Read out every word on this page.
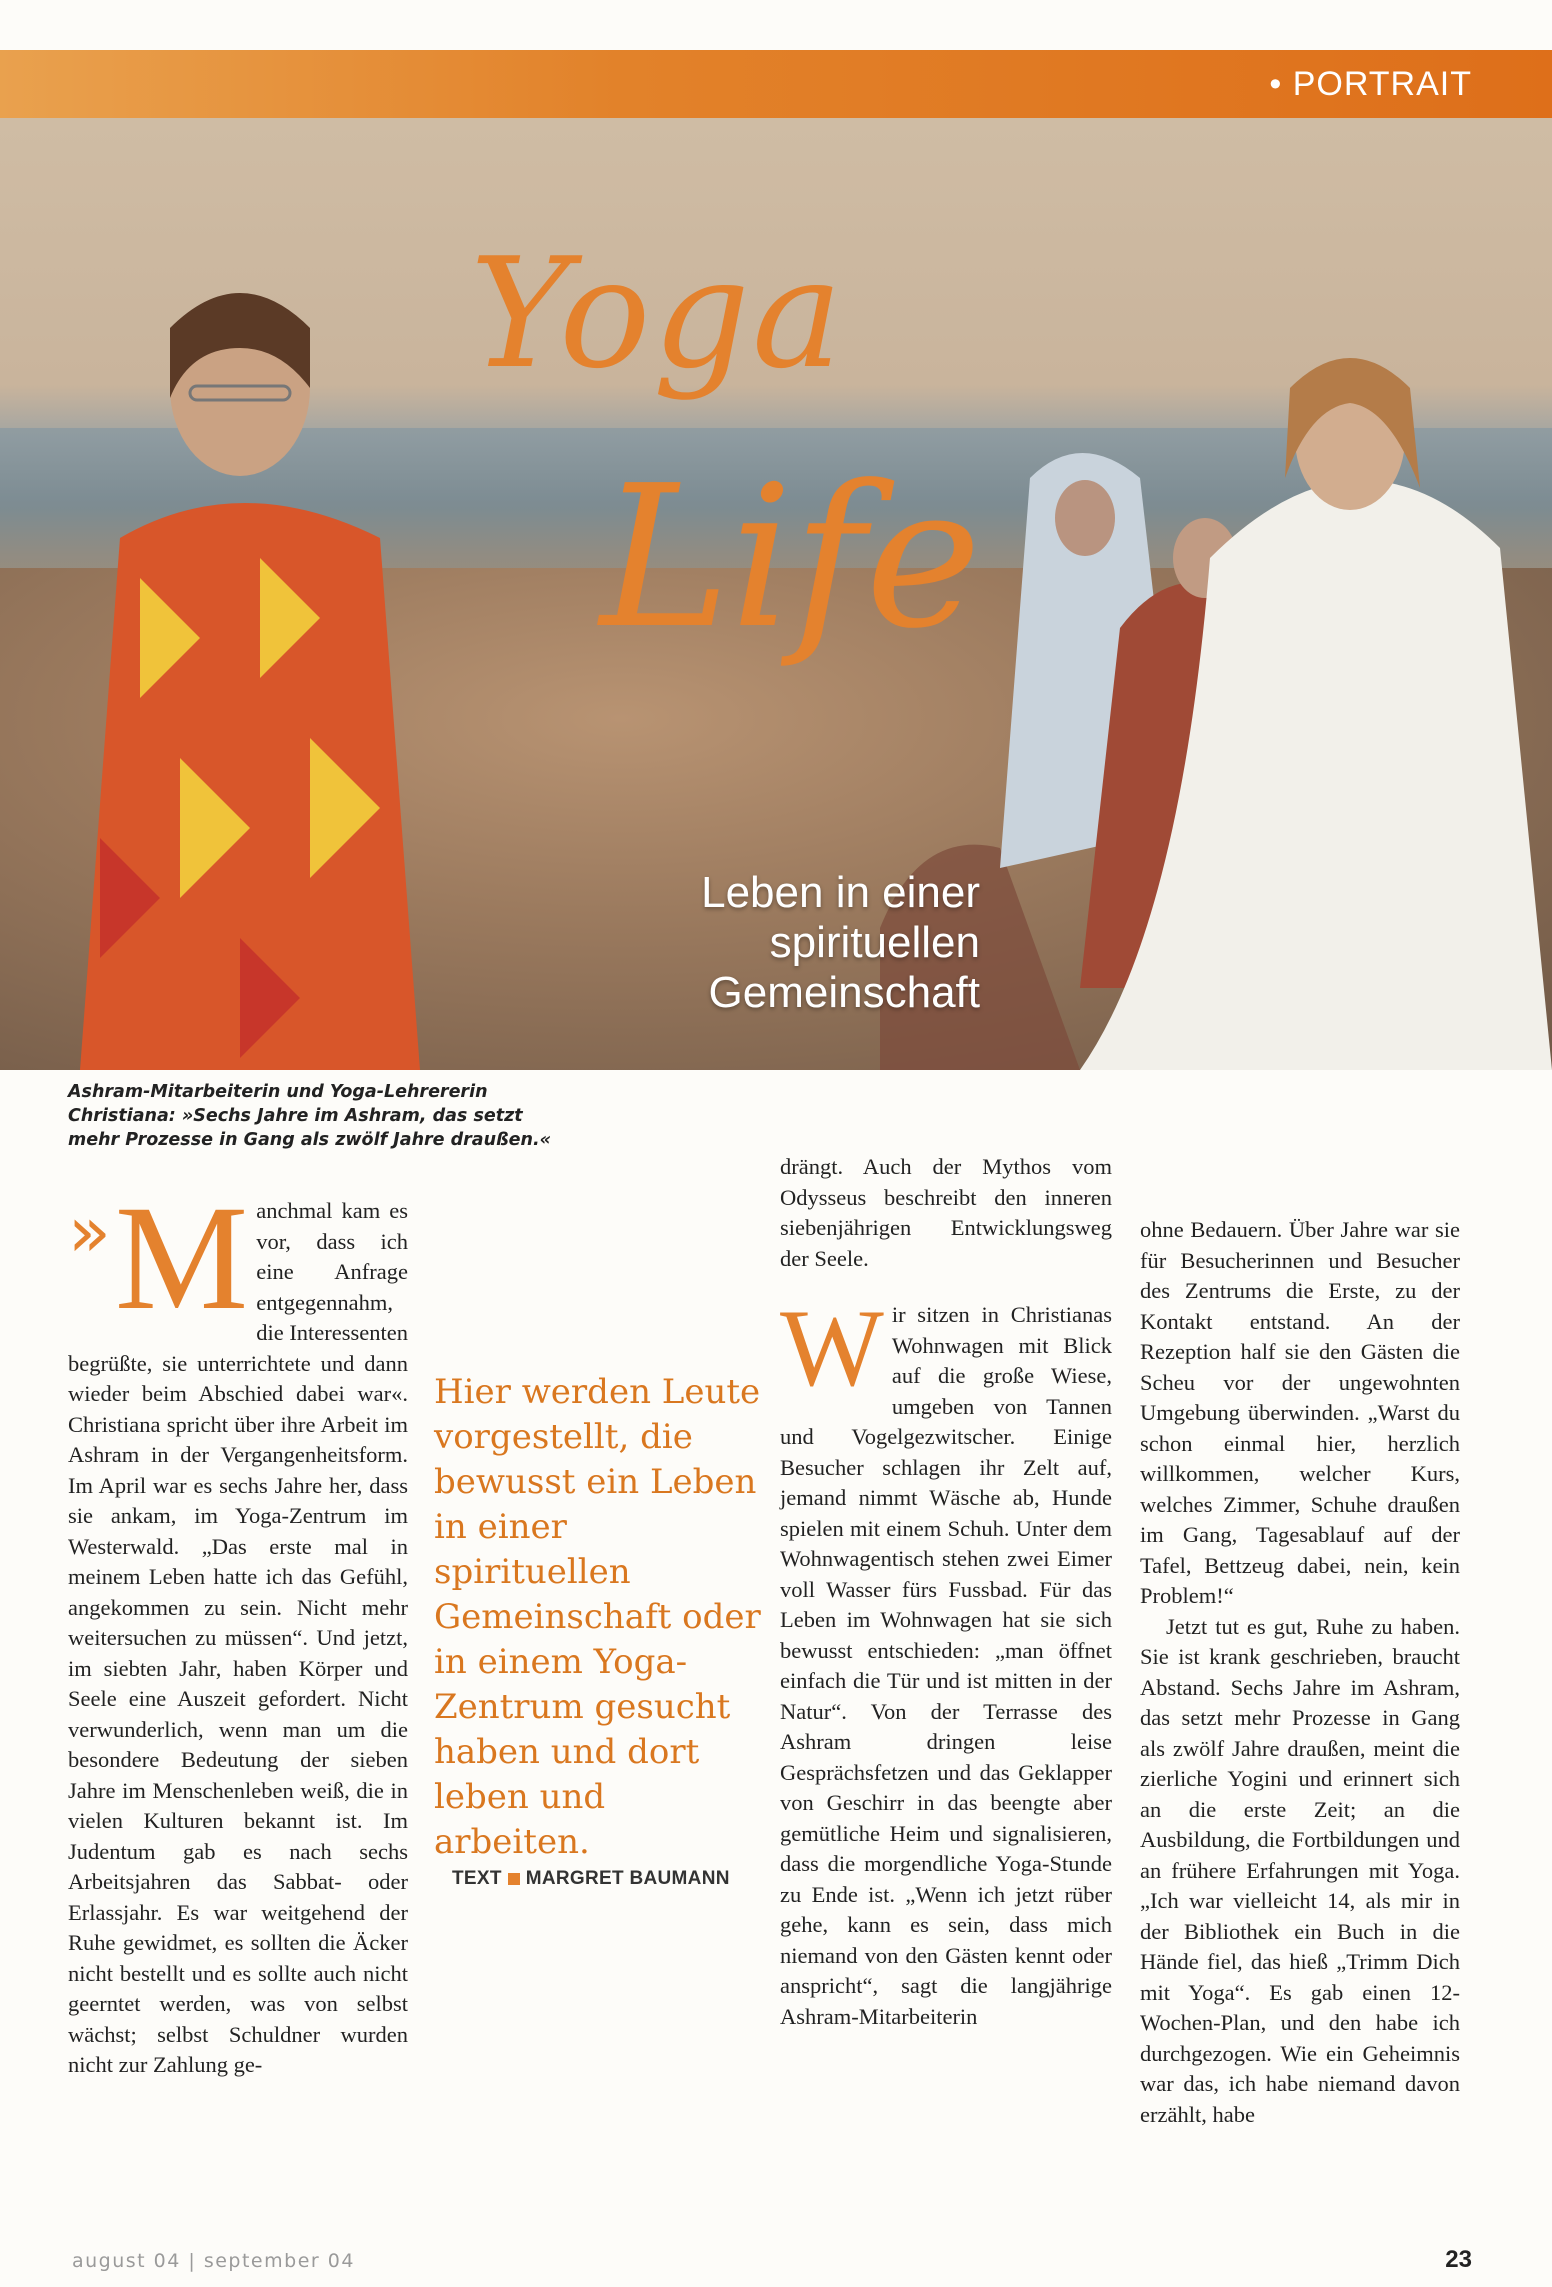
• PORTRAIT
Yoga
Life
Leben in einer
spirituellen
Gemeinschaft
Ashram-Mitarbeiterin und Yoga-Lehrererin Christiana: »Sechs Jahre im Ashram, das setzt mehr Prozesse in Gang als zwölf Jahre draußen.«
» M anchmal kam es vor, dass ich eine Anfrage entgegennahm, die Interessenten begrüßte, sie unterrichtete und dann wieder beim Abschied dabei war«. Christiana spricht über ihre Arbeit im Ashram in der Vergangenheitsform. Im April war es sechs Jahre her, dass sie ankam, im Yoga-Zentrum im Westerwald. „Das erste mal in meinem Leben hatte ich das Gefühl, angekommen zu sein. Nicht mehr weitersuchen zu müssen“. Und jetzt, im siebten Jahr, haben Körper und Seele eine Auszeit gefordert. Nicht verwunderlich, wenn man um die besondere Bedeutung der sieben Jahre im Menschenleben weiß, die in vielen Kulturen bekannt ist. Im Judentum gab es nach sechs Arbeitsjahren das Sabbat- oder Erlassjahr. Es war weitgehend der Ruhe gewidmet, es sollten die Äcker nicht bestellt und es sollte auch nicht geerntet werden, was von selbst wächst; selbst Schuldner wurden nicht zur Zahlung ge-

Hier werden Leute vorgestellt, die bewusst ein Leben in einer spirituellen Gemeinschaft oder in einem Yoga-Zentrum gesucht haben und dort leben und arbeiten.
TEXT MARGRET BAUMANN

drängt. Auch der Mythos vom Odysseus beschreibt den inneren siebenjährigen Entwicklungsweg der Seele.

W ir sitzen in Christianas Wohnwagen mit Blick auf die große Wiese, umgeben von Tannen und Vogelgezwitscher. Einige Besucher schlagen ihr Zelt auf, jemand nimmt Wäsche ab, Hunde spielen mit einem Schuh. Unter dem Wohnwagentisch stehen zwei Eimer voll Wasser fürs Fussbad. Für das Leben im Wohnwagen hat sie sich bewusst entschieden: „man öffnet einfach die Tür und ist mitten in der Natur“. Von der Terrasse des Ashram dringen leise Gesprächsfetzen und das Geklapper von Geschirr in das beengte aber gemütliche Heim und signalisieren, dass die morgendliche Yoga-Stunde zu Ende ist. „Wenn ich jetzt rüber gehe, kann es sein, dass mich niemand von den Gästen kennt oder anspricht“, sagt die langjährige Ashram-Mitarbeiterin

ohne Bedauern. Über Jahre war sie für Besucherinnen und Besucher des Zentrums die Erste, zu der Kontakt entstand. An der Rezeption half sie den Gästen die Scheu vor der ungewohnten Umgebung überwinden. „Warst du schon einmal hier, herzlich willkommen, welcher Kurs, welches Zimmer, Schuhe draußen im Gang, Tagesablauf auf der Tafel, Bettzeug dabei, nein, kein Problem!“

Jetzt tut es gut, Ruhe zu haben. Sie ist krank geschrieben, braucht Abstand. Sechs Jahre im Ashram, das setzt mehr Prozesse in Gang als zwölf Jahre draußen, meint die zierliche Yogini und erinnert sich an die erste Zeit; an die Ausbildung, die Fortbildungen und an frühere Erfahrungen mit Yoga. „Ich war vielleicht 14, als mir in der Bibliothek ein Buch in die Hände fiel, das hieß „Trimm Dich mit Yoga“. Es gab einen 12-Wochen-Plan, und den habe ich durchgezogen. Wie ein Geheimnis war das, ich habe niemand davon erzählt, habe

august 04 | september 04	23
